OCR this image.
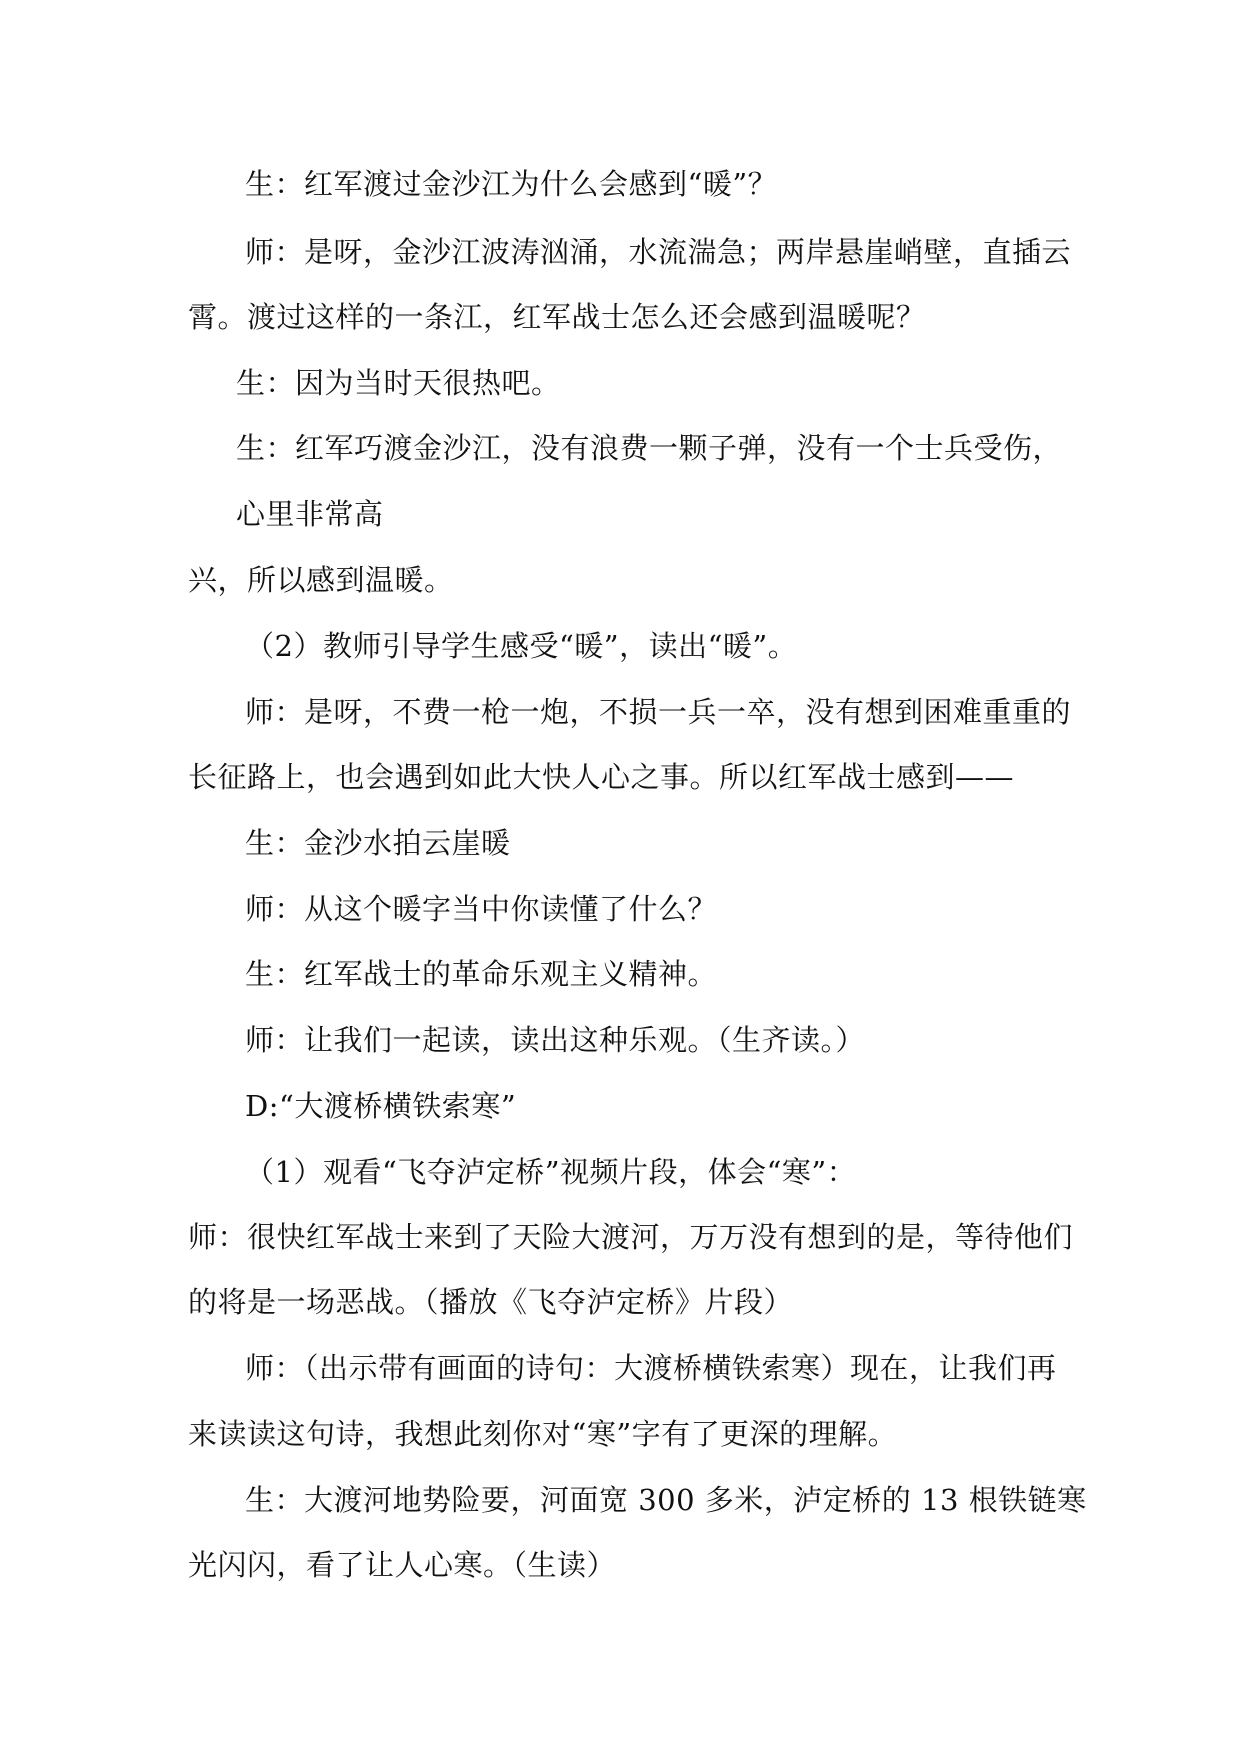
生：红军渡过金沙江为什么会感到“暖”？
师：是呀，金沙江波涛汹涌，水流湍急；两岸悬崖峭壁，直插云
霄。渡过这样的一条江，红军战士怎么还会感到温暖呢？
生：因为当时天很热吧。
生：红军巧渡金沙江，没有浪费一颗子弹，没有一个士兵受伤，
心里非常高
兴，所以感到温暖。
（2）教师引导学生感受“暖”，读出“暖”。
师：是呀，不费一枪一炮，不损一兵一卒，没有想到困难重重的
长征路上，也会遇到如此大快人心之事。所以红军战士感到——
生：金沙水拍云崖暖
师：从这个暖字当中你读懂了什么？
生：红军战士的革命乐观主义精神。
师：让我们一起读，读出这种乐观。（生齐读。）
D:“大渡桥横铁索寒”
（1）观看“飞夺泸定桥”视频片段，体会“寒”：
师：很快红军战士来到了天险大渡河，万万没有想到的是，等待他们
的将是一场恶战。（播放《飞夺泸定桥》片段）
师：（出示带有画面的诗句：大渡桥横铁索寒）现在，让我们再
来读读这句诗，我想此刻你对“寒”字有了更深的理解。
生：大渡河地势险要，河面宽 300 多米，泸定桥的 13 根铁链寒
光闪闪，看了让人心寒。（生读）
